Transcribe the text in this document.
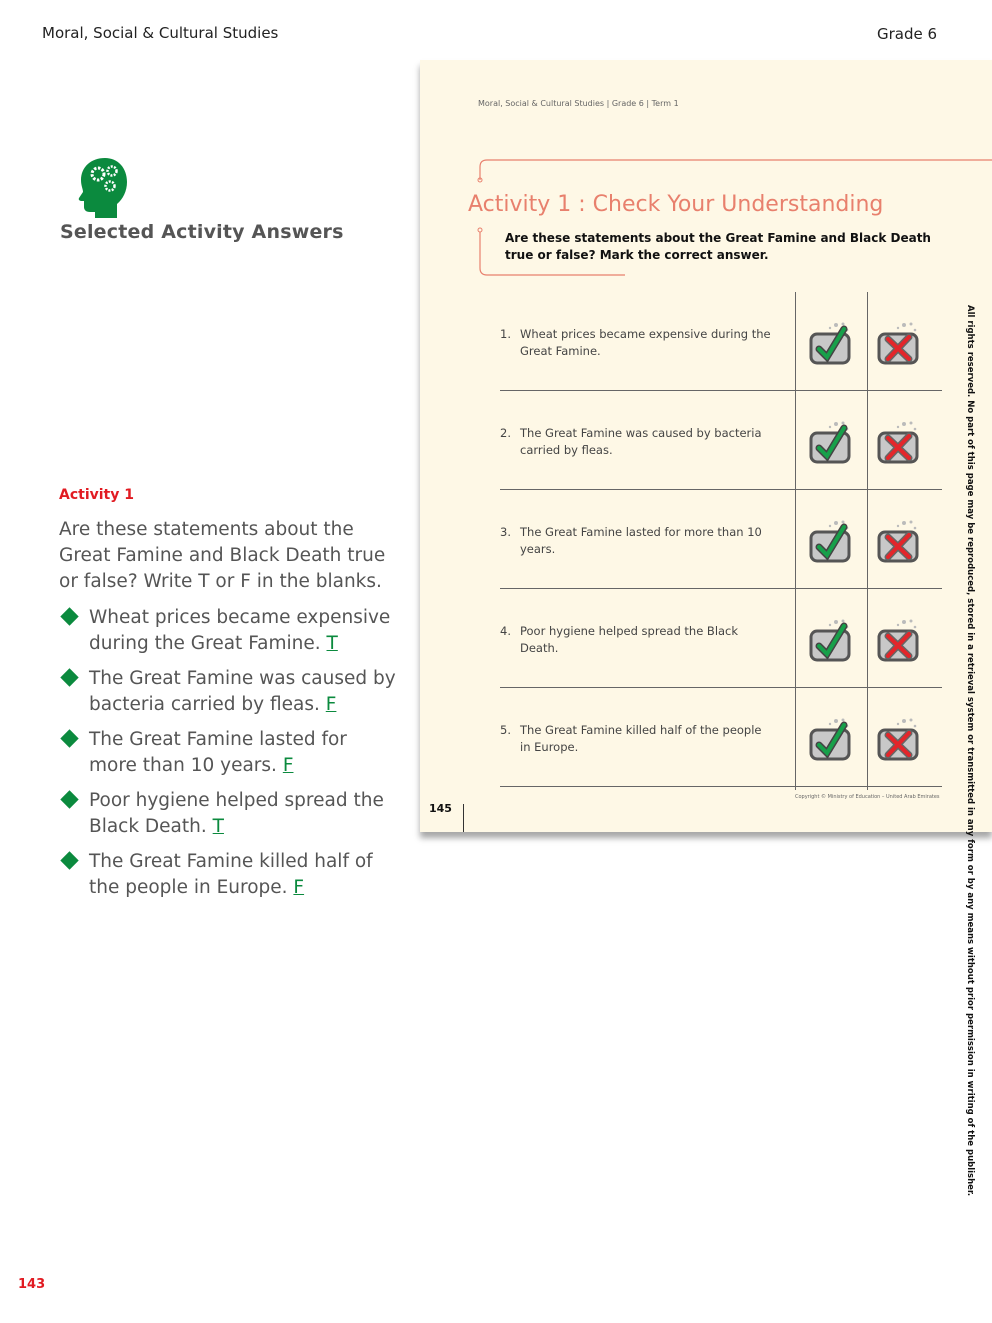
Moral, Social & Cultural Studies	Grade 6
Selected Activity Answers
Activity 1
Are these statements about the Great Famine and Black Death true or false? Write T or F in the blanks.
Wheat prices became expensive during the Great Famine. T
The Great Famine was caused by bacteria carried by fleas. F
The Great Famine lasted for more than 10 years. F
Poor hygiene helped spread the Black Death. T
The Great Famine killed half of the people in Europe. F
143
Moral, Social & Cultural Studies | Grade 6 | Term 1
Activity 1 : Check Your Understanding
Are these statements about the Great Famine and Black Death true or false? Mark the correct answer.
1. Wheat prices became expensive during the Great Famine.
2. The Great Famine was caused by bacteria carried by fleas.
3. The Great Famine lasted for more than 10 years.
4. Poor hygiene helped spread the Black Death.
5. The Great Famine killed half of the people in Europe.
Copyright © Ministry of Education – United Arab Emirates
145	All rights reserved. No part of this page may be reproduced, stored in a retrieval system or transmitted in any form or by any means without prior permission in writing of the publisher.
